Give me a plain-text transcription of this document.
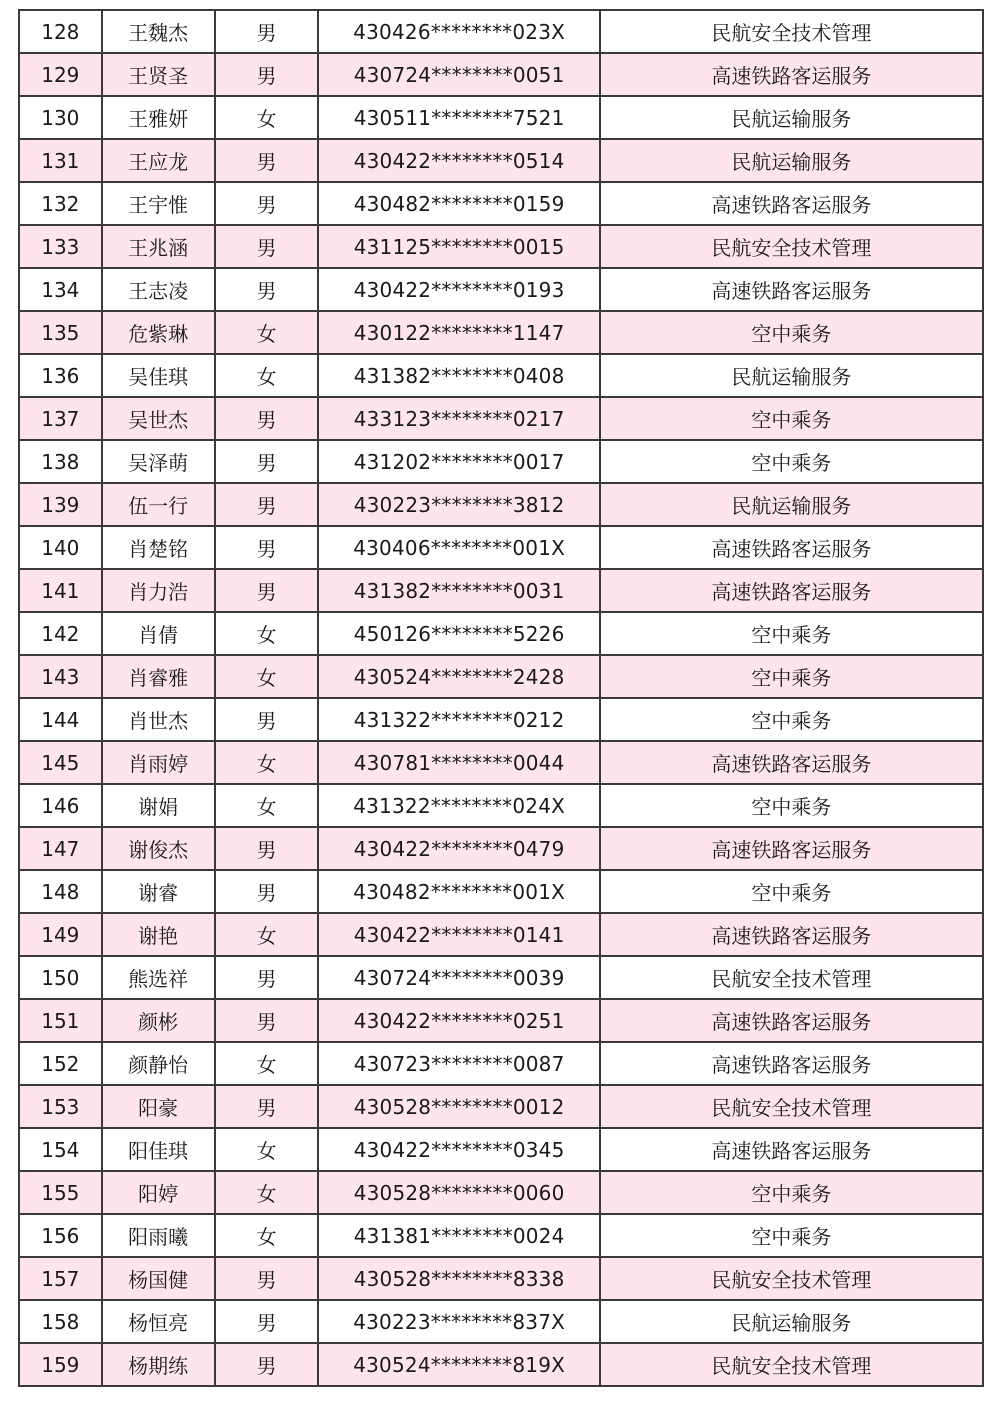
128	王魏杰	男	430426********023X	民航安全技术管理
129	王贤圣	男	430724********0051	高速铁路客运服务
130	王雅妍	女	430511********7521	民航运输服务
131	王应龙	男	430422********0514	民航运输服务
132	王宇惟	男	430482********0159	高速铁路客运服务
133	王兆涵	男	431125********0015	民航安全技术管理
134	王志凌	男	430422********0193	高速铁路客运服务
135	危紫琳	女	430122********1147	空中乘务
136	吴佳琪	女	431382********0408	民航运输服务
137	吴世杰	男	433123********0217	空中乘务
138	吴泽萌	男	431202********0017	空中乘务
139	伍一行	男	430223********3812	民航运输服务
140	肖楚铭	男	430406********001X	高速铁路客运服务
141	肖力浩	男	431382********0031	高速铁路客运服务
142	肖倩	女	450126********5226	空中乘务
143	肖睿雅	女	430524********2428	空中乘务
144	肖世杰	男	431322********0212	空中乘务
145	肖雨婷	女	430781********0044	高速铁路客运服务
146	谢娟	女	431322********024X	空中乘务
147	谢俊杰	男	430422********0479	高速铁路客运服务
148	谢睿	男	430482********001X	空中乘务
149	谢艳	女	430422********0141	高速铁路客运服务
150	熊选祥	男	430724********0039	民航安全技术管理
151	颜彬	男	430422********0251	高速铁路客运服务
152	颜静怡	女	430723********0087	高速铁路客运服务
153	阳豪	男	430528********0012	民航安全技术管理
154	阳佳琪	女	430422********0345	高速铁路客运服务
155	阳婷	女	430528********0060	空中乘务
156	阳雨曦	女	431381********0024	空中乘务
157	杨国健	男	430528********8338	民航安全技术管理
158	杨恒亮	男	430223********837X	民航运输服务
159	杨期练	男	430524********819X	民航安全技术管理
